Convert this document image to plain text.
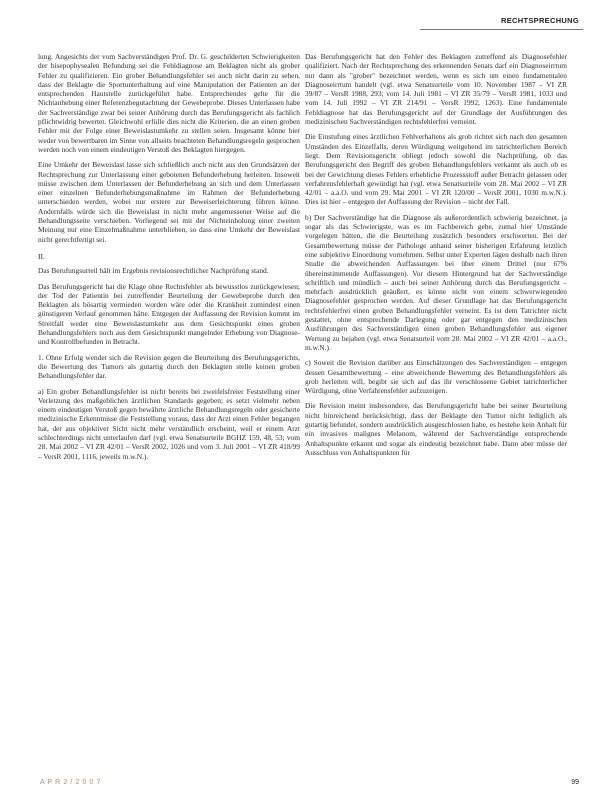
RECHTSPRECHUNG

lung. Angesichts der vom Sachverständigen Prof. Dr. G. geschilderten Schwierigkeiten der bisepophysealen Befundung sei die Fehldiagnose am Beklagten nicht als grober Fehler zu qualifizieren. Ein grober Behandlungsfehler sei auch nicht darin zu sehen, dass der Beklagte die Sportunterhaltung auf eine Manipulation der Patienten an der entsprechenden Hautstelle zurückgeführt habe. Entsprechendes gelte für die Nichtanhebung einer Referenzbegutachtung der Gewebeprobe. Dieses Unterlassen habe der Sachverständige zwar bei seiner Anhörung durch das Berufungsgericht als fachlich pflichtwidrig bewertet. Gleichwohl erfülle dies nicht die Kriterien, die an einen groben Fehler mit der Folge einer Beweislastumkehr zu stellen seien. Insgesamt könne hier weder von bewertbaren im Sinne von allseits beachteten Behandlungsregeln gesprochen werden noch von einem eindeutigen Verstoß des Beklagten hiergegen.

Eine Umkehr der Beweislast lasse sich schließlich auch nicht aus den Grundsätzen der Rechtsprechung zur Unterlassung einer gebotenen Befunderhebung herleiten. Insoweit müsse zwischen dem Unterlassen der Befunderhebung an sich und dem Unterlassen einer einzelnen Befunderhebungsmaßnahme im Rahmen der Befunderhebung unterschieden werden, wobei nur erstere zur Beweiserleichterung führen könne. Andernfalls würde sich die Beweislast in nicht mehr angemessener Weise auf die Behandlungsseite verschieben. Vorliegend sei mit der Nichteinholung einer zweiten Meinung nur eine Einzelmaßnahme unterblieben, so dass eine Umkehr der Beweislast nicht gerechtfertigt sei.

II.

Das Berufungsurteil hält im Ergebnis revisionsrechtlicher Nachprüfung stand.

Das Berufungsgericht hat die Klage ohne Rechtsfehler als bewusstlos zurückgewiesen; der Tod der Patientin bei zutreffender Beurteilung der Gewebeprobe durch den Beklagten als bösartig vermieden worden wäre oder die Krankheit zumindest einen günstigeren Verlauf genommen hätte. Entgegen der Auffassung der Revision kommt im Streitfall weder eine Beweislastumkehr aus dem Gesichtspunkt eines groben Behandlungsfehlers noch aus dem Gesichtspunkt mangelnder Erhebung von Diagnose- und Kontrollbefunden in Betracht.

1. Ohne Erfolg wendet sich die Revision gegen die Beurteilung des Berufungsgerichts, die Bewertung des Tumors als gutartig durch den Beklagten stelle keinen groben Behandlungsfehler dar.

a) Ein grober Behandlungsfehler ist nicht bereits bei zweifelsfreier Feststellung einer Verletzung des maßgeblichen ärztlichen Standards gegeben; es setzt vielmehr neben einem eindeutigen Verstoß gegen bewährte ärztliche Behandlungsregeln oder gesicherte medizinische Erkenntnisse die Feststellung voraus, dass der Arzt einen Fehler begangen hat, der aus objektiver Sicht nicht mehr verständlich erscheint, weil er einem Arzt schlechterdings nicht unterlaufen darf (vgl. etwa Senatsurteile BGHZ 159, 48, 53; vom 28. Mai 2002 – VI ZR 42/01 – VersR 2002, 1026 und vom 3. Juli 2001 – VI ZR 418/99 – VersR 2001, 1116, jeweils m.w.N.).

Das Berufungsgericht hat den Fehler des Beklagten zutreffend als Diagnosefehler qualifiziert. Nach der Rechtsprechung des erkennenden Senats darf ein Diagnoseirrtum nur dann als "grober" bezeichnet werden, wenn es sich um einen fundamentalen Diagnoseirrtum handelt (vgl. etwa Senatsurteile vom 10. November 1987 – VI ZR 39/87 – VersR 1988, 293; vom 14. Juli 1981 – VI ZR 35/79 – VersR 1981, 1033 und vom 14. Juli 1992 – VI ZR 214/91 – VersR 1992, 1263). Eine fundamentale Fehldiagnose hat das Berufungsgericht auf der Grundlage der Ausführungen des medizinischen Sachverständigen rechtsfehlerfrei verneint.

Die Einstufung eines ärztlichen Fehlverhaltens als grob richtet sich nach den gesamten Umständen des Einzelfalls, deren Würdigung weitgehend im tatrichterlichen Bereich liegt. Dem Revisionsgericht obliegt jedoch sowohl die Nachprüfung, ob das Berufungsgericht den Begriff des groben Behandlungsfehlers verkannt als auch ob es bei der Gewichtung dieses Fehlers erhebliche Prozessstoff außer Betracht gelassen oder verfahrensfehlerhaft gewürdigt hat (vgl. etwa Senatsurteile vom 28. Mai 2002 – VI ZR 42/01 – a.a.O. und vom 29. Mai 2001 – VI ZR 120/00 – VersR 2001, 1030 m.w.N.). Dies ist hier – entgegen der Auffassung der Revision – nicht der Fall.

b) Der Sachverständige hat die Diagnose als außerordentlich schwierig bezeichnet, ja sogar als das Schwierigste, was es im Fachbereich gebe, zumal hier Umstände vorgelegen hätten, die die Beurteilung zusätzlich besonders erschwerten. Bei der Gesamtbewertung müsse der Pathologe anhand seiner bisherigen Erfahrung letztlich eine subjektive Einordnung vornehmen. Selbst unter Experten lägen deshalb nach ihren Studie die abweichenden Auffassungen bei über einem Drittel (nur 67% übereinstimmende Auffassungen). Vor diesem Hintergrund hat der Sachverständige schriftlich und mündlich – auch bei seiner Anhörung durch das Berufungsgericht – mehrfach ausdrücklich geäußert, es könne nicht von einem schwerwiegenden Diagnosefehler gesprochen werden. Auf dieser Grundlage hat das Berufungsgericht rechtsfehlerfrei einen groben Behandlungsfehler verneint. Es ist dem Tatrichter nicht gestattet, ohne entsprechende Darlegung oder gar entgegen den medizinischen Ausführungen des Sachverständigen einen groben Behandlungsfehler aus eigener Wertung zu bejahen (vgl. etwa Senatsurteil vom 28. Mai 2002 – VI ZR 42/01 – a.a.O., m.w.N.).

c) Soweit die Revision darüber aus Einschätzungen des Sachverständigen – entgegen dessen Gesamtbewertung – eine abweichende Bewertung des Behandlungsfehlers als grob herleiten will, begibt sie sich auf das ihr verschlossene Gebiet tatrichterlicher Würdigung, ohne Verfahrensfehler aufzuzeigen.

Die Revision meint insbesondere, das Berufungsgericht habe bei seiner Beurteilung nicht hinreichend berücksichtigt, dass der Beklagte den Tumor nicht lediglich als gutartig befundet, sondern ausdrücklich ausgeschlossen habe, es bestehe kein Anhalt für ein invasives malignes Melanom, während der Sachverständige entsprechende Anhaltspunkte erkannt und sogar als eindeutig bezeichnet habe. Dann aber müsse der Ausschluss von Anhaltspunkten für

A P R 2 / 2 0 0 7	99
